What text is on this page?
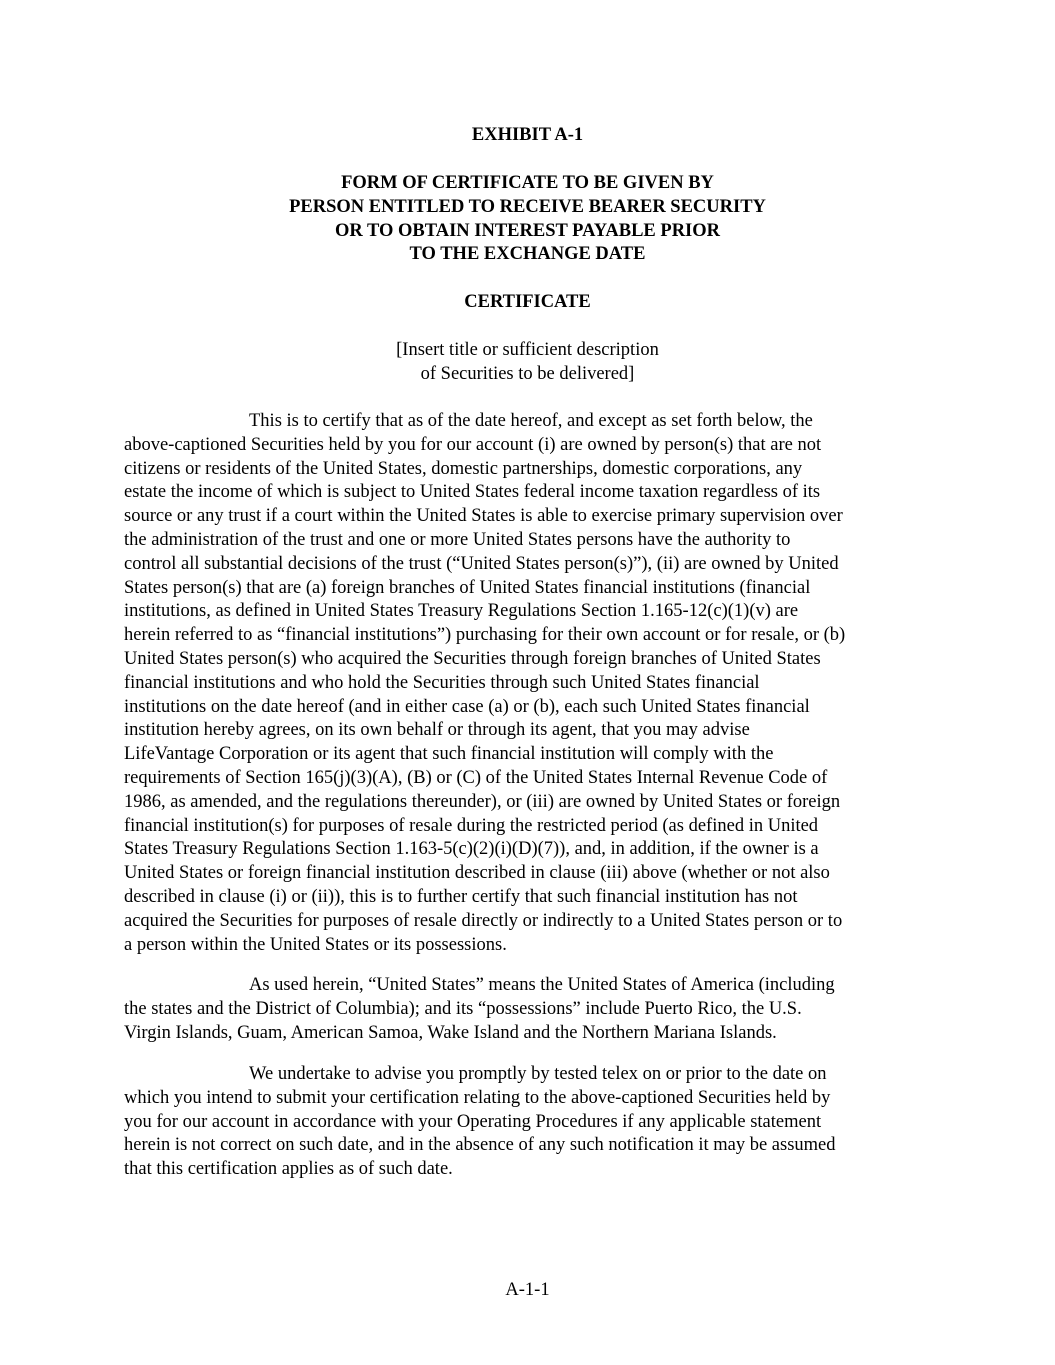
EXHIBIT A-1
FORM OF CERTIFICATE TO BE GIVEN BY
PERSON ENTITLED TO RECEIVE BEARER SECURITY
OR TO OBTAIN INTEREST PAYABLE PRIOR
TO THE EXCHANGE DATE
CERTIFICATE
[Insert title or sufficient description
of Securities to be delivered]
This is to certify that as of the date hereof, and except as set forth below, the
above-captioned Securities held by you for our account (i) are owned by person(s) that are not
citizens or residents of the United States, domestic partnerships, domestic corporations, any
estate the income of which is subject to United States federal income taxation regardless of its
source or any trust if a court within the United States is able to exercise primary supervision over
the administration of the trust and one or more United States persons have the authority to
control all substantial decisions of the trust (“United States person(s)”), (ii) are owned by United
States person(s) that are (a) foreign branches of United States financial institutions (financial
institutions, as defined in United States Treasury Regulations Section 1.165-12(c)(1)(v) are
herein referred to as “financial institutions”) purchasing for their own account or for resale, or (b)
United States person(s) who acquired the Securities through foreign branches of United States
financial institutions and who hold the Securities through such United States financial
institutions on the date hereof (and in either case (a) or (b), each such United States financial
institution hereby agrees, on its own behalf or through its agent, that you may advise
LifeVantage Corporation or its agent that such financial institution will comply with the
requirements of Section 165(j)(3)(A), (B) or (C) of the United States Internal Revenue Code of
1986, as amended, and the regulations thereunder), or (iii) are owned by United States or foreign
financial institution(s) for purposes of resale during the restricted period (as defined in United
States Treasury Regulations Section 1.163-5(c)(2)(i)(D)(7)), and, in addition, if the owner is a
United States or foreign financial institution described in clause (iii) above (whether or not also
described in clause (i) or (ii)), this is to further certify that such financial institution has not
acquired the Securities for purposes of resale directly or indirectly to a United States person or to
a person within the United States or its possessions.
As used herein, “United States” means the United States of America (including
the states and the District of Columbia); and its “possessions” include Puerto Rico, the U.S.
Virgin Islands, Guam, American Samoa, Wake Island and the Northern Mariana Islands.
We undertake to advise you promptly by tested telex on or prior to the date on
which you intend to submit your certification relating to the above-captioned Securities held by
you for our account in accordance with your Operating Procedures if any applicable statement
herein is not correct on such date, and in the absence of any such notification it may be assumed
that this certification applies as of such date.
A-1-1
